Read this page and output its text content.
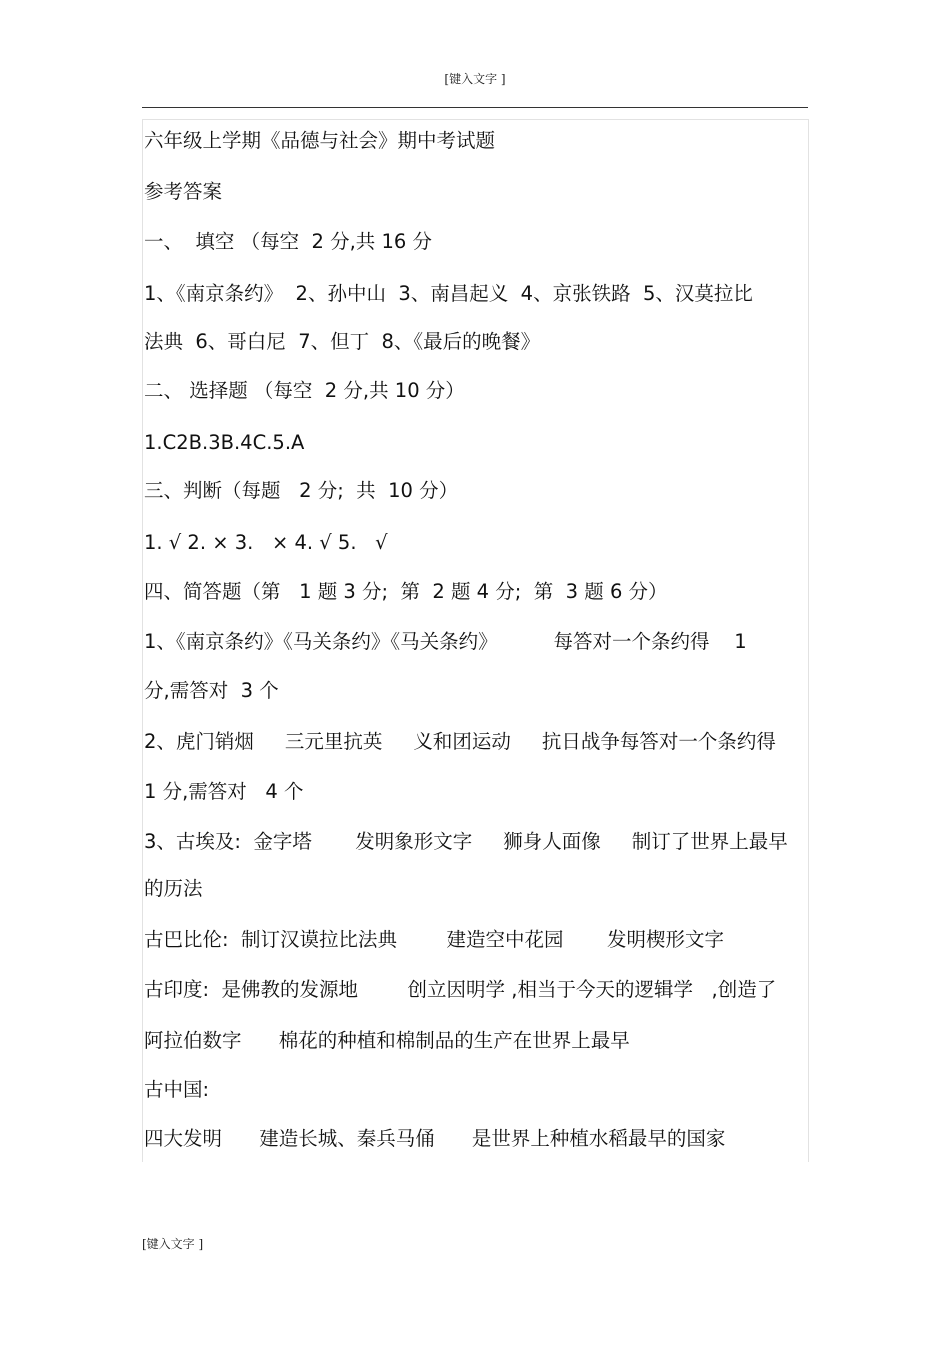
[键入文字 ]
六年级上学期《品德与社会》期中考试题
参考答案
一、  填空 （每空  2 分,共 16 分
1、《南京条约》  2、孙中山  3、南昌起义  4、京张铁路  5、汉莫拉比
法典  6、哥白尼  7、但丁  8、《最后的晚餐》
二、 选择题 （每空  2 分,共 10 分）
1.C2B.3B.4C.5.A
三、判断（每题   2 分;  共  10 分）
1. √ 2. × 3.   × 4. √ 5.   √
四、简答题（第   1 题 3 分;  第  2 题 4 分;  第  3 题 6 分）
1、《南京条约》《马关条约》《马关条约》         每答对一个条约得    1
分,需答对  3 个
2、虎门销烟     三元里抗英     义和团运动     抗日战争每答对一个条约得
1 分,需答对   4 个
3、古埃及:  金字塔       发明象形文字     狮身人面像     制订了世界上最早
的历法
古巴比伦:  制订汉谟拉比法典        建造空中花园       发明楔形文字
古印度:  是佛教的发源地        创立因明学 ,相当于今天的逻辑学   ,创造了
阿拉伯数字      棉花的种植和棉制品的生产在世界上最早
古中国:
四大发明      建造长城、秦兵马俑      是世界上种植水稻最早的国家
[键入文字 ]
